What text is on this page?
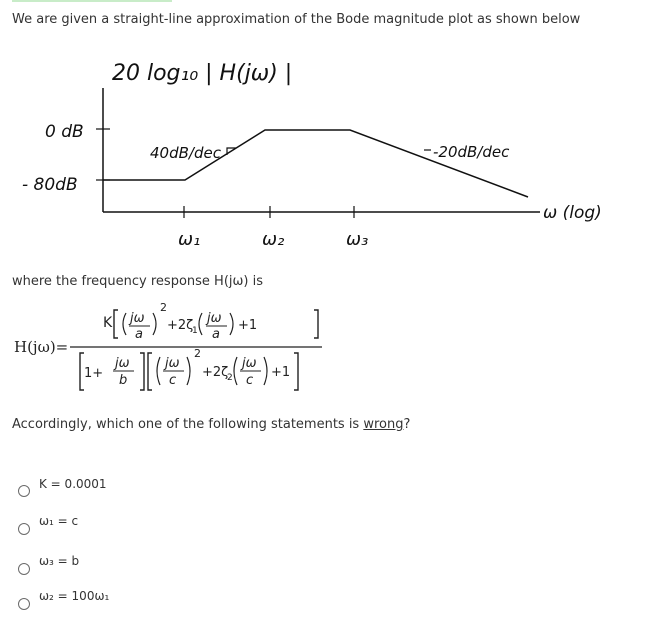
We are given a straight-line approximation of the Bode magnitude plot as shown below
20 log₁₀ | H(jω) |
0 dB
- 80dB
40dB/dec	-20dB/dec
ω (log)
ω₁	ω₂	ω₃
where the frequency response H(jω) is
H(jω)=
K jω
a
2
+2ζ
1
jω
a
+1
1+
jω
b
jω
c
2
+2ζ
2
jω
c
+1
Accordingly, which one of the following statements is wrong?
K = 0.0001
ω₁ = c
ω₃ = b
ω₂ = 100ω₁
